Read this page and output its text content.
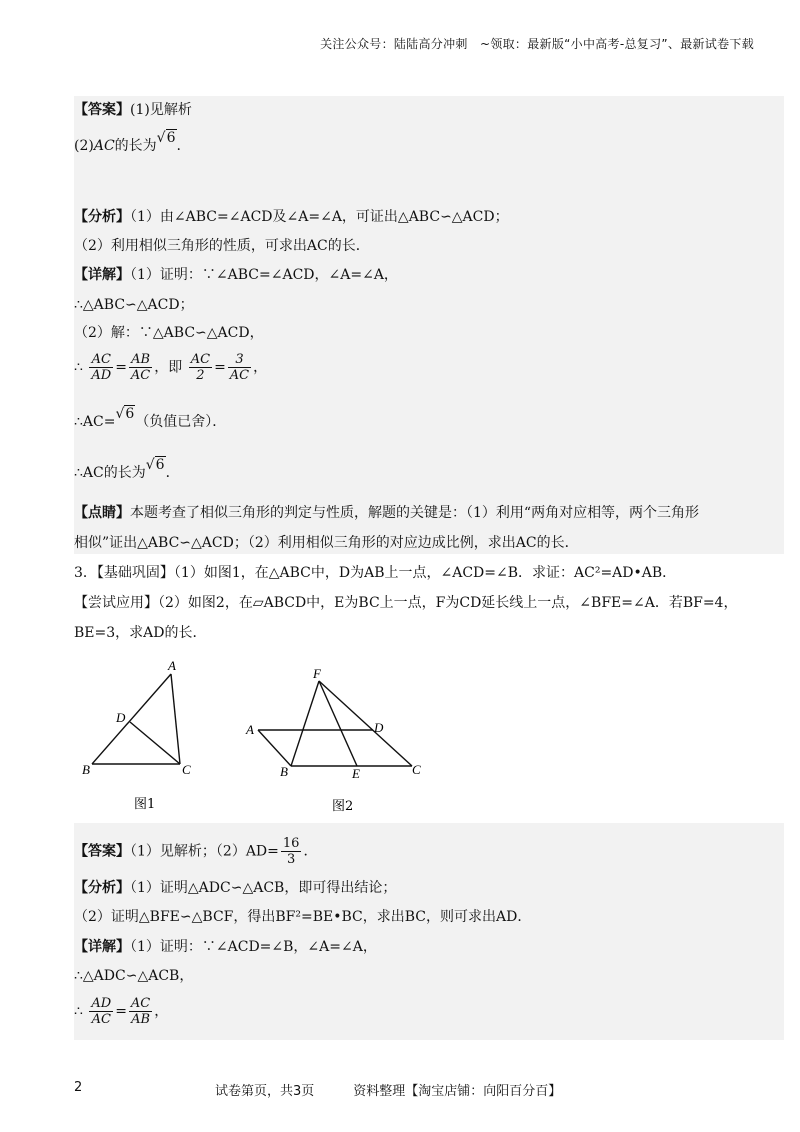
关注公众号：陆陆高分冲刺　~领取：最新版“小中高考-总复习”、最新试卷下载
【答案】(1)见解析
(2)AC的长为√6.
【分析】（1）由∠ABC=∠ACD及∠A=∠A，可证出△ABC∽△ACD；
（2）利用相似三角形的性质，可求出AC的长．
【详解】（1）证明：∵∠ABC=∠ACD，∠A=∠A，
∴△ABC∽△ACD；
（2）解：∵△ABC∽△ACD，
∴ $\frac{AC}{AD} = \frac{AB}{AC}$ ，即 $\frac{AC}{2} = \frac{3}{AC}$ ，
∴AC=√6（负值已舍）．
∴AC的长为√6．
【点睛】本题考查了相似三角形的判定与性质，解题的关键是：（1）利用“两角对应相等，两个三角形
相似”证出△ABC∽△ACD；（2）利用相似三角形的对应边成比例，求出AC的长．
3．【基础巩固】（1）如图1，在△ABC中，D为AB上一点，∠ACD=∠B．求证：AC²=AD•AB．
【尝试应用】（2）如图2，在▱ABCD中，E为BC上一点，F为CD延长线上一点，∠BFE=∠A．若BF=4，
BE=3，求AD的长．
A
D
B	C
图1
F
A	D
B	E	C
图2
【答案】（1）见解析；$(2)AD= \frac{16}{3}$ ．
【分析】（1）证明△ADC∽△ACB，即可得出结论；
（2）证明△BFE∽△BCF，得出BF²=BE•BC，求出BC，则可求出AD．
【详解】（1）证明：∵∠ACD=∠B，∠A=∠A，
∴△ADC∽△ACB，
∴ $\frac{AD}{AC} = \frac{AC}{AB}$ ，
2	试卷第页，共3页　　　资料整理【淘宝店铺：向阳百分百】
